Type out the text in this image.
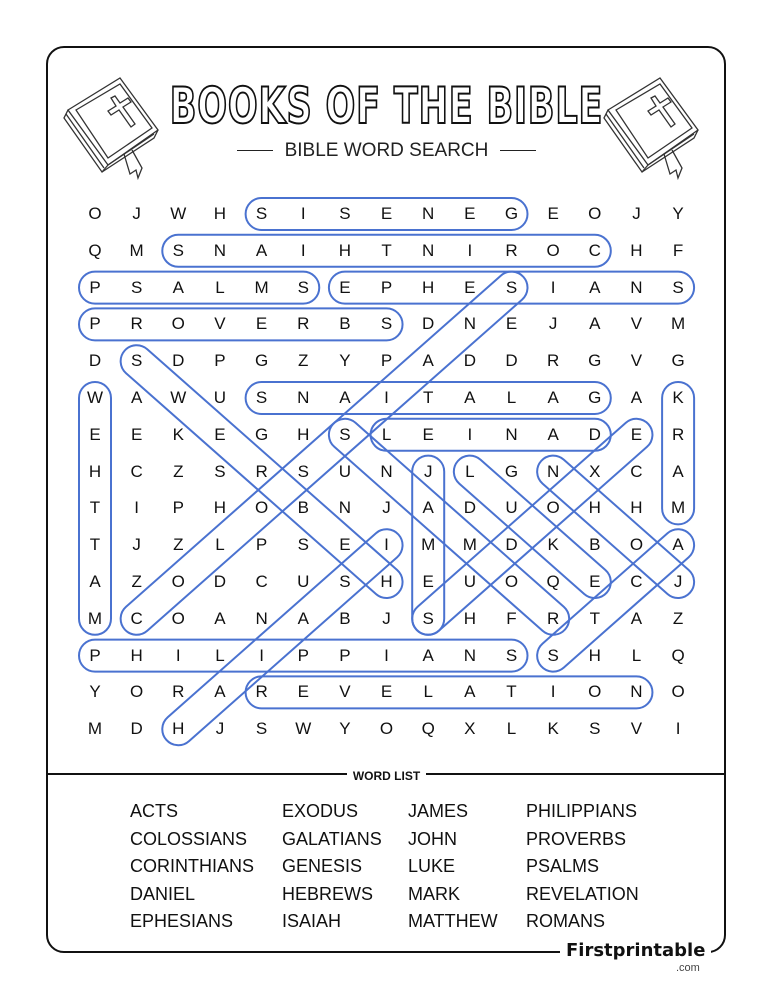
BOOKS OF THE BIBLE
BIBLE WORD SEARCH
O	J	W	H	S	I	S	E	N	E	G	E	O	J	Y
Q	M	S	N	A	I	H	T	N	I	R	O	C	H	F
P	S	A	L	M	S	E	P	H	E	S	I	A	N	S
P	R	O	V	E	R	B	S	D	N	E	J	A	V	M
D	S	D	P	G	Z	Y	P	A	D	D	R	G	V	G
W	A	W	U	S	N	A	I	T	A	L	A	G	A	K
E	E	K	E	G	H	S	L	E	I	N	A	D	E	R
H	C	Z	S	R	S	U	N	J	L	G	N	X	C	A
T	I	P	H	O	B	N	J	A	D	U	O	H	H	M
T	J	Z	L	P	S	E	I	M	M	D	K	B	O	A
A	Z	O	D	C	U	S	H	E	U	O	Q	E	C	J
M	C	O	A	N	A	B	J	S	H	F	R	T	A	Z
P	H	I	L	I	P	P	I	A	N	S	S	H	L	Q
Y	O	R	A	R	E	V	E	L	A	T	I	O	N	O
M	D	H	J	S	W	Y	O	Q	X	L	K	S	V	I
WORD LIST
ACTS
COLOSSIANS
CORINTHIANS
DANIEL
EPHESIANS
EXODUS
GALATIANS
GENESIS
HEBREWS
ISAIAH
JAMES
JOHN
LUKE
MARK
MATTHEW
PHILIPPIANS
PROVERBS
PSALMS
REVELATION
ROMANS
Firstprintable
.com
